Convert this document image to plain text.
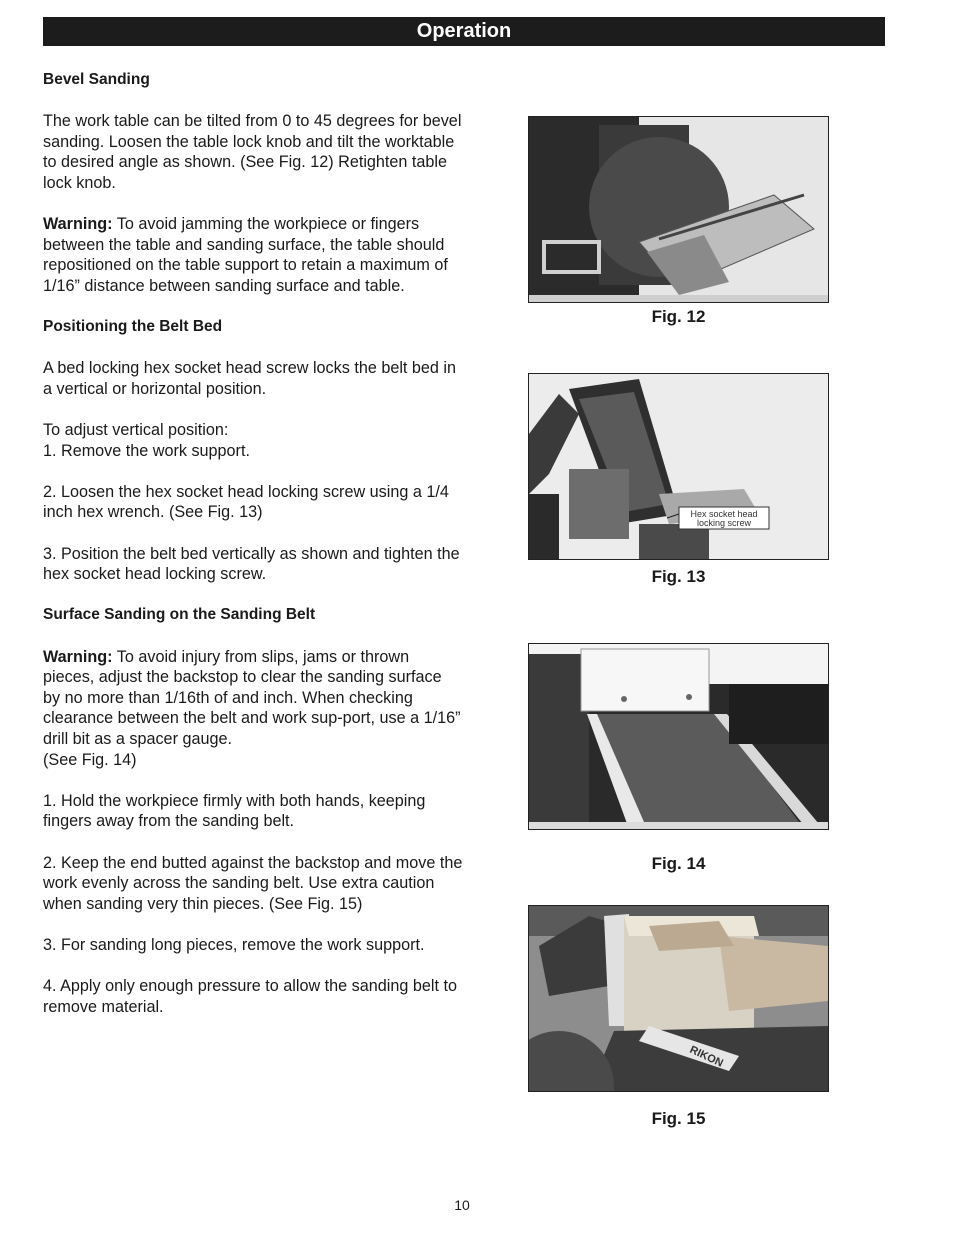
Operation
Bevel Sanding

The work table can be tilted from 0 to 45 degrees for bevel sanding. Loosen the table lock knob and tilt the worktable to desired angle as shown. (See Fig. 12) Retighten table lock knob.

Warning: To avoid jamming the workpiece or fingers between the table and sanding surface, the table should repositioned on the table support to retain a maximum of 1/16” distance between sanding surface and table.

Positioning the Belt Bed

A bed locking hex socket head screw locks the belt bed in a vertical or horizontal position.

To adjust vertical position:
1. Remove the work support.

2. Loosen the hex socket head locking screw using a 1/4 inch hex wrench. (See Fig. 13)

3. Position the belt bed vertically as shown and tighten the hex socket head locking screw.

Surface Sanding on the Sanding Belt

Warning: To avoid injury from slips, jams or thrown pieces, adjust the backstop to clear the sanding surface by no more than 1/16th of and inch. When checking clearance between the belt and work sup-port, use a 1/16” drill bit as a spacer gauge.
(See Fig. 14)

1. Hold the workpiece firmly with both hands, keeping fingers away from the sanding belt.

2. Keep the end butted against the backstop and move the work evenly across the sanding belt. Use extra caution when sanding very thin pieces. (See Fig. 15)

3. For sanding long pieces, remove the work support.

4. Apply only enough pressure to allow the sanding belt to remove material.

Fig. 12
Hex socket head
locking screw
Fig. 13
Fig. 14
RIKON
Fig. 15
10
